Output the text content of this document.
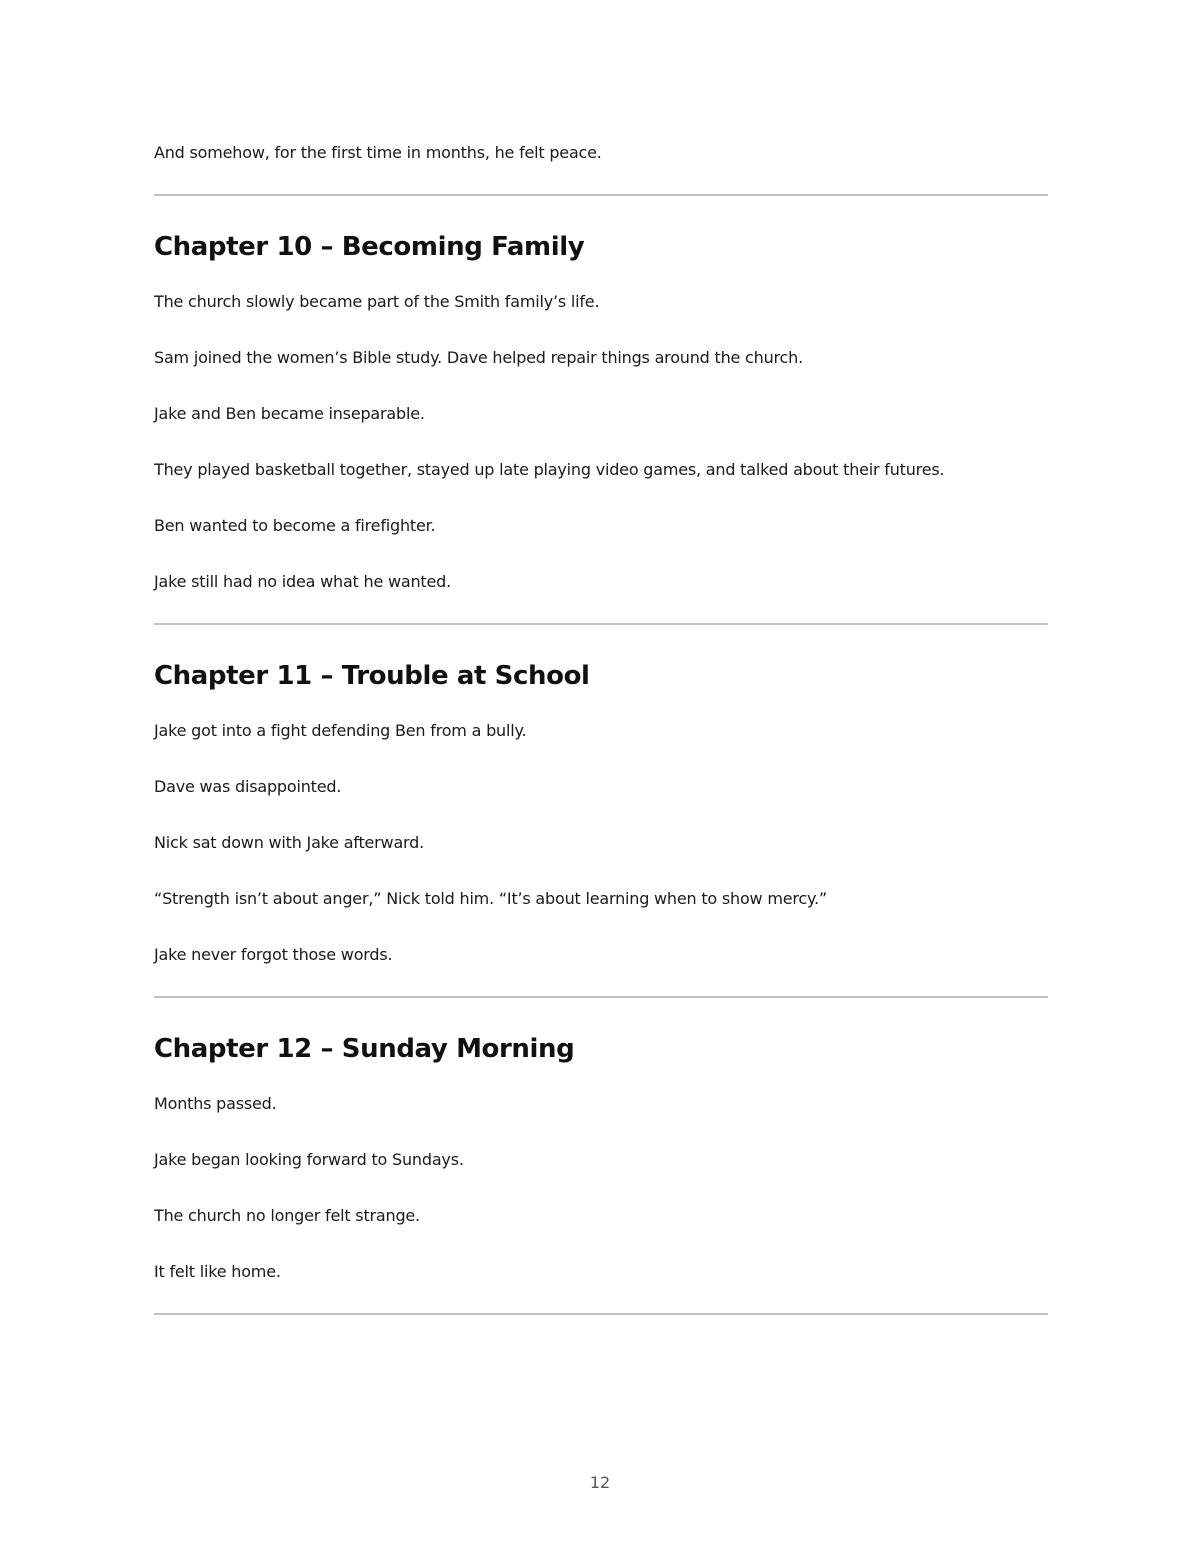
And somehow, for the first time in months, he felt peace.

Chapter 10 – Becoming Family

The church slowly became part of the Smith family’s life.

Sam joined the women’s Bible study. Dave helped repair things around the church.

Jake and Ben became inseparable.

They played basketball together, stayed up late playing video games, and talked about their futures.

Ben wanted to become a firefighter.

Jake still had no idea what he wanted.

Chapter 11 – Trouble at School

Jake got into a fight defending Ben from a bully.

Dave was disappointed.

Nick sat down with Jake afterward.

“Strength isn’t about anger,” Nick told him. “It’s about learning when to show mercy.”

Jake never forgot those words.

Chapter 12 – Sunday Morning

Months passed.

Jake began looking forward to Sundays.

The church no longer felt strange.

It felt like home.

12
